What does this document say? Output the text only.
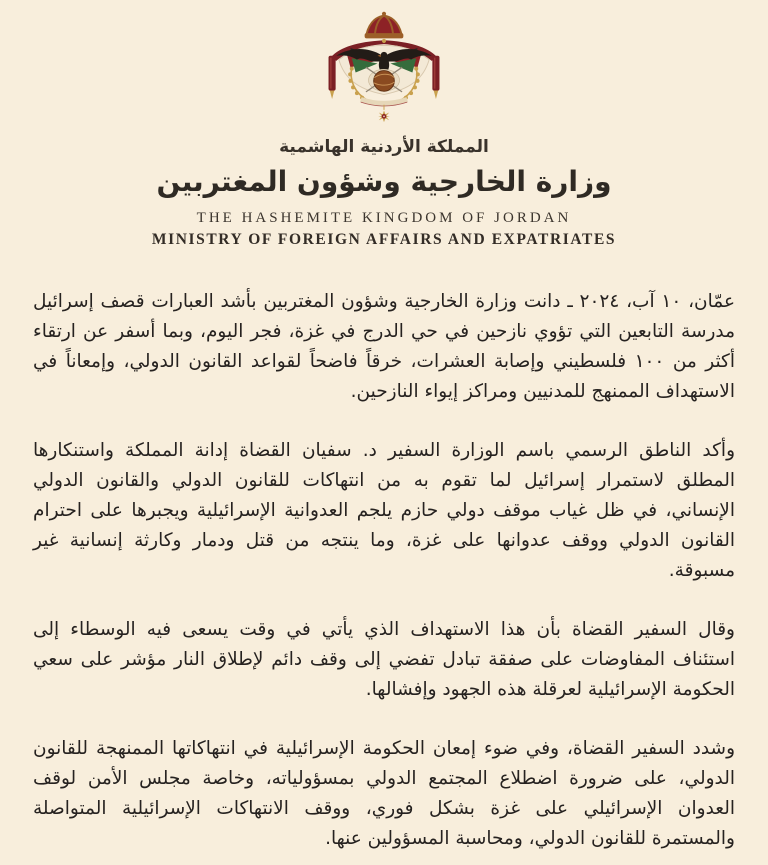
المملكة الأردنية الهاشمية
وزارة الخارجية وشؤون المغتربين
THE HASHEMITE KINGDOM OF JORDAN
MINISTRY OF FOREIGN AFFAIRS AND EXPATRIATES

عمّان، ١٠ آب، ٢٠٢٤ ـ دانت وزارة الخارجية وشؤون المغتربين بأشد العبارات قصف إسرائيل مدرسة التابعين التي تؤوي نازحين في حي الدرج في غزة، فجر اليوم، وبما أسفر عن ارتقاء أكثر من ١٠٠ فلسطيني وإصابة العشرات، خرقاً فاضحاً لقواعد القانون الدولي، وإمعاناً في الاستهداف الممنهج للمدنيين ومراكز إيواء النازحين.

وأكد الناطق الرسمي باسم الوزارة السفير د. سفيان القضاة إدانة المملكة واستنكارها المطلق لاستمرار إسرائيل لما تقوم به من انتهاكات للقانون الدولي والقانون الدولي الإنساني، في ظل غياب موقف دولي حازم يلجم العدوانية الإسرائيلية ويجبرها على احترام القانون الدولي ووقف عدوانها على غزة، وما ينتجه من قتل ودمار وكارثة إنسانية غير مسبوقة.

وقال السفير القضاة بأن هذا الاستهداف الذي يأتي في وقت يسعى فيه الوسطاء إلى استئناف المفاوضات على صفقة تبادل تفضي إلى وقف دائم لإطلاق النار مؤشر على سعي الحكومة الإسرائيلية لعرقلة هذه الجهود وإفشالها.

وشدد السفير القضاة، وفي ضوء إمعان الحكومة الإسرائيلية في انتهاكاتها الممنهجة للقانون الدولي، على ضرورة اضطلاع المجتمع الدولي بمسؤولياته، وخاصة مجلس الأمن لوقف العدوان الإسرائيلي على غزة بشكل فوري، ووقف الانتهاكات الإسرائيلية المتواصلة والمستمرة للقانون الدولي، ومحاسبة المسؤولين عنها.
